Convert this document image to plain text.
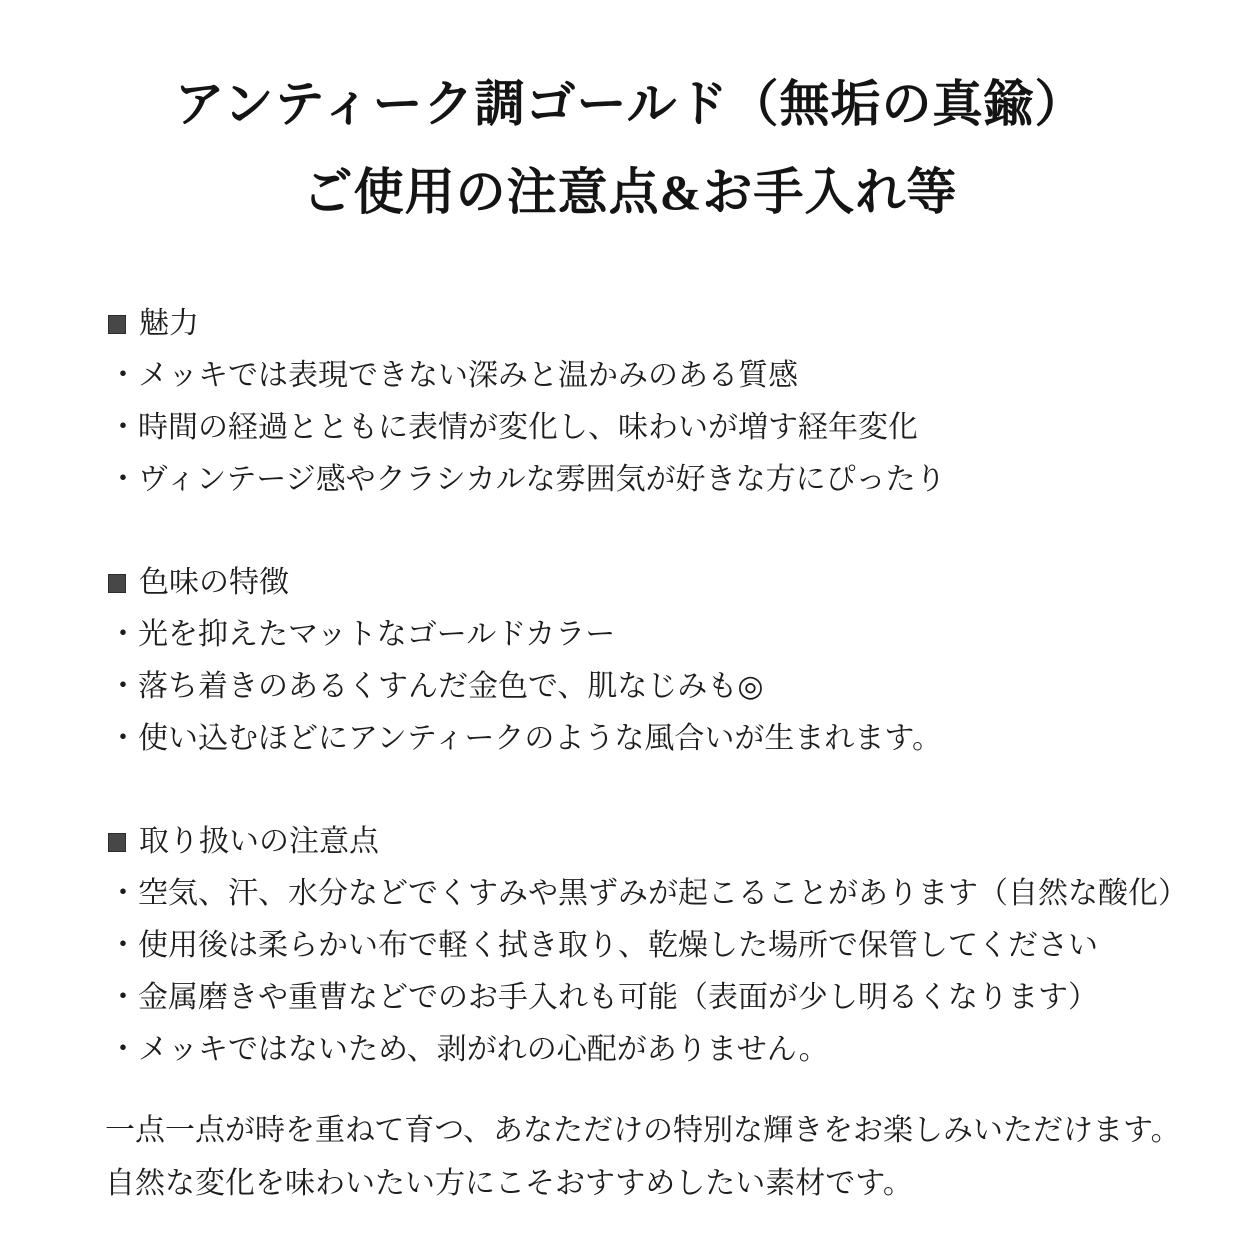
アンティーク調ゴールド（無垢の真鍮）
ご使用の注意点&お手入れ等
魅力
・メッキでは表現できない深みと温かみのある質感
・時間の経過とともに表情が変化し、味わいが増す経年変化
・ヴィンテージ感やクラシカルな雰囲気が好きな方にぴったり
色味の特徴
・光を抑えたマットなゴールドカラー
・落ち着きのあるくすんだ金色で、肌なじみも◎
・使い込むほどにアンティークのような風合いが生まれます。
取り扱いの注意点
・空気、汗、水分などでくすみや黒ずみが起こることがあります（自然な酸化）
・使用後は柔らかい布で軽く拭き取り、乾燥した場所で保管してください
・金属磨きや重曹などでのお手入れも可能（表面が少し明るくなります）
・メッキではないため、剥がれの心配がありません。

一点一点が時を重ねて育つ、あなただけの特別な輝きをお楽しみいただけます。

自然な変化を味わいたい方にこそおすすめしたい素材です。
